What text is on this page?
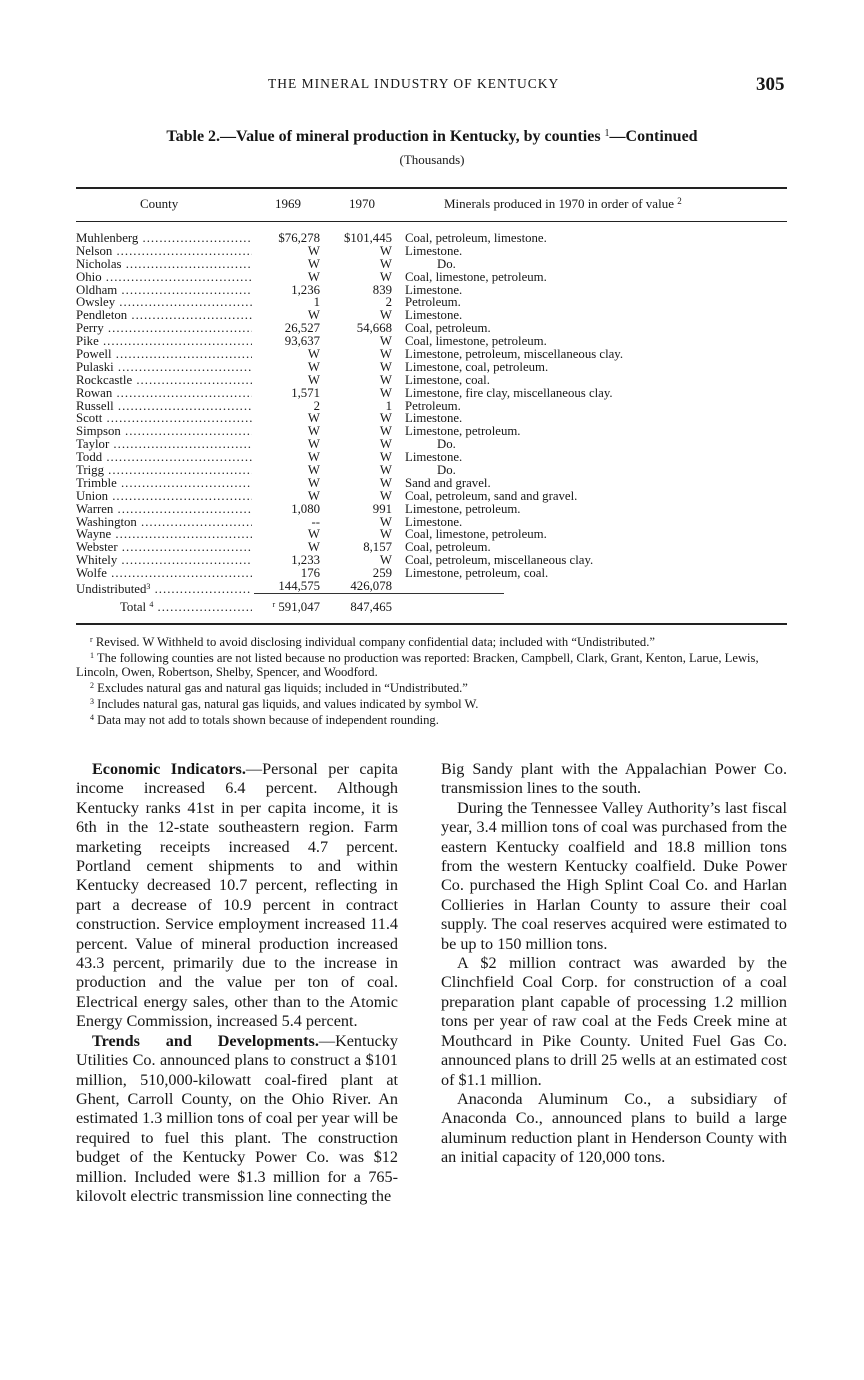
THE MINERAL INDUSTRY OF KENTUCKY	305
Table 2.—Value of mineral production in Kentucky, by counties $^1$—Continued
(Thousands)
County	1969	1970	Minerals produced in 1970 in order of value $^2$
Muhlenberg .....	$76,278	$101,445 Coal, petroleum, limestone.
Nelson .....	W	W Limestone.
Nicholas .....	W	W	Do.
Ohio .....	W	W Coal, limestone, petroleum.
Oldham .....	1,236	839 Limestone.
Owsley .....	1	2 Petroleum.
Pendleton .....	W	W Limestone.
Perry .....	26,527	54,668 Coal, petroleum.
Pike .....	93,637	W Coal, limestone, petroleum.
Powell .....	W	W Limestone, petroleum, miscellaneous clay.
Pulaski .....	W	W Limestone, coal, petroleum.
Rockcastle .....	W	W Limestone, coal.
Rowan .....	1,571	W Limestone, fire clay, miscellaneous clay.
Russell .....	2	1 Petroleum.
Scott .....	W	W Limestone.
Simpson .....	W	W Limestone, petroleum.
Taylor .....	W	W	Do.
Todd .....	W	W Limestone.
Trigg .....	W	W	Do.
Trimble .....	W	W Sand and gravel.
Union .....	W	W Coal, petroleum, sand and gravel.
Warren .....	1,080	991 Limestone, petroleum.
Washington .....	--	W Limestone.
Wayne .....	W	W Coal, limestone, petroleum.
Webster .....	W	8,157 Coal, petroleum.
Whitely .....	1,233	W Coal, petroleum, miscellaneous clay.
Wolfe .....	176	259 Limestone, petroleum, coal.
Undistributed$^3$ .....	144,575	426,078
Total $^4$ .....	$^r$ 591,047	847,465

$^r$ Revised. W Withheld to avoid disclosing individual company confidential data; included with “Undistributed.”

$^1$ The following counties are not listed because no production was reported: Bracken, Campbell, Clark, Grant, Kenton, Larue, Lewis, Lincoln, Owen, Robertson, Shelby, Spencer, and Woodford.

$^2$ Excludes natural gas and natural gas liquids; included in “Undistributed.”

$^3$ Includes natural gas, natural gas liquids, and values indicated by symbol W.

$^4$ Data may not add to totals shown because of independent rounding.

Economic Indicators.—Personal per capita income increased 6.4 percent. Although Kentucky ranks 41st in per capita income, it is 6th in the 12-state southeastern region. Farm marketing receipts increased 4.7 percent. Portland cement shipments to and within Kentucky decreased 10.7 percent, reflecting in part a decrease of 10.9 percent in contract construction. Service employment increased 11.4 percent. Value of mineral production increased 43.3 percent, primarily due to the increase in production and the value per ton of coal. Electrical energy sales, other than to the Atomic Energy Commission, increased 5.4 percent.

Trends and Developments.—Kentucky Utilities Co. announced plans to construct a $101 million, 510,000-kilowatt coal-fired plant at Ghent, Carroll County, on the Ohio River. An estimated 1.3 million tons of coal per year will be required to fuel this plant. The construction budget of the Kentucky Power Co. was $12 million. Included were $1.3 million for a 765-kilovolt electric transmission line connecting the

Big Sandy plant with the Appalachian Power Co. transmission lines to the south.

During the Tennessee Valley Authority’s last fiscal year, 3.4 million tons of coal was purchased from the eastern Kentucky coalfield and 18.8 million tons from the western Kentucky coalfield. Duke Power Co. purchased the High Splint Coal Co. and Harlan Collieries in Harlan County to assure their coal supply. The coal reserves acquired were estimated to be up to 150 million tons.

A $2 million contract was awarded by the Clinchfield Coal Corp. for construction of a coal preparation plant capable of processing 1.2 million tons per year of raw coal at the Feds Creek mine at Mouthcard in Pike County. United Fuel Gas Co. announced plans to drill 25 wells at an estimated cost of $1.1 million.

Anaconda Aluminum Co., a subsidiary of Anaconda Co., announced plans to build a large aluminum reduction plant in Henderson County with an initial capacity of 120,000 tons.
